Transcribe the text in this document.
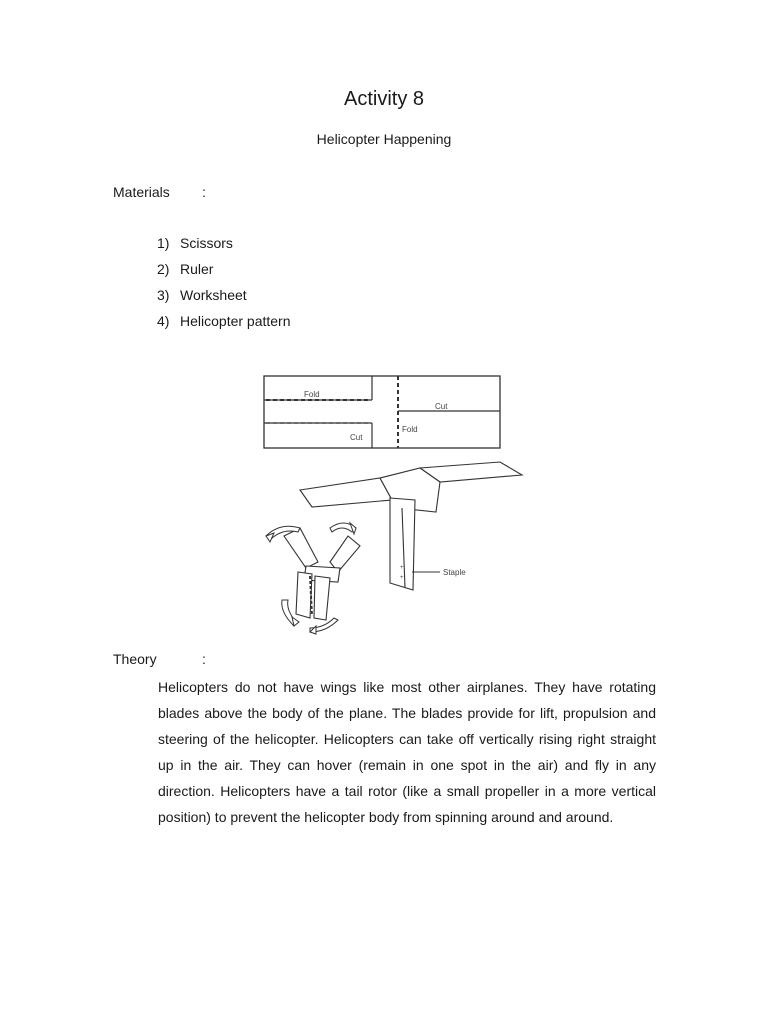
Activity 8
Helicopter Happening
Materials :
1) Scissors
2) Ruler
3) Worksheet
4) Helicopter pattern
Fold
Cut
Fold
Cut
+
+
Staple
Theory	:
Helicopters do not have wings like most other airplanes. They have rotating blades above the body of the plane. The blades provide for lift, propulsion and steering of the helicopter. Helicopters can take off vertically rising right straight up in the air. They can hover (remain in one spot in the air) and fly in any direction. Helicopters have a tail rotor (like a small propeller in a more vertical position) to prevent the helicopter body from spinning around and around.
